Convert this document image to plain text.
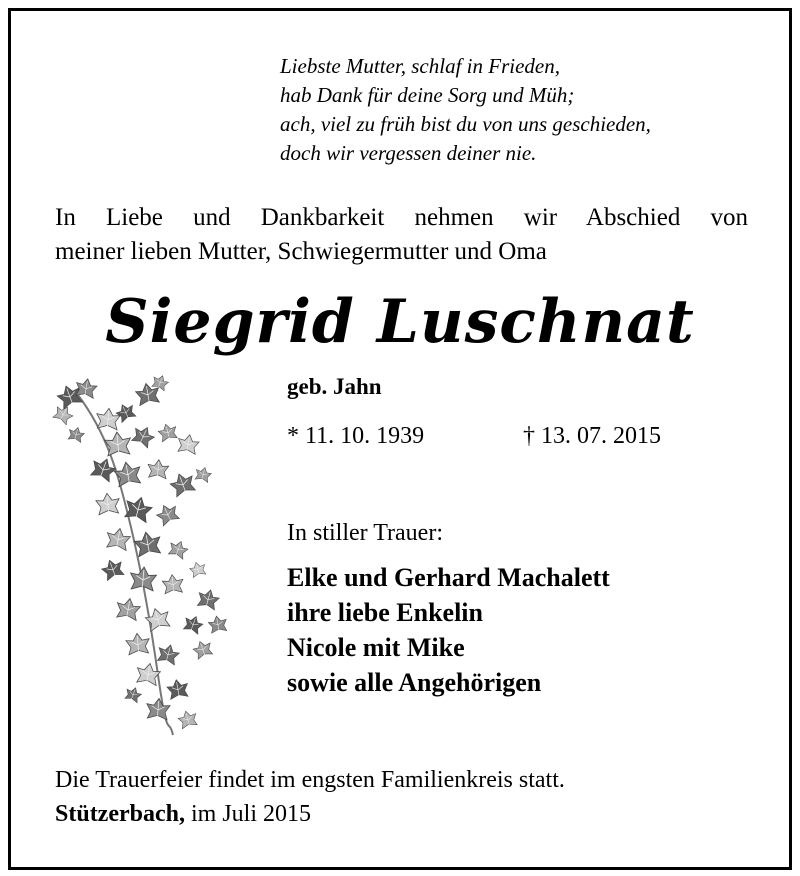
Liebste Mutter, schlaf in Frieden,
hab Dank für deine Sorg und Müh;
ach, viel zu früh bist du von uns geschieden,
doch wir vergessen deiner nie.
In Liebe und Dankbarkeit nehmen wir Abschied von
meiner lieben Mutter, Schwiegermutter und Oma
Siegrid Luschnat
geb. Jahn
* 11. 10. 1939	† 13. 07. 2015
In stiller Trauer:
Elke und Gerhard Machalett
ihre liebe Enkelin
Nicole mit Mike
sowie alle Angehörigen
Die Trauerfeier findet im engsten Familienkreis statt.
Stützerbach, im Juli 2015
